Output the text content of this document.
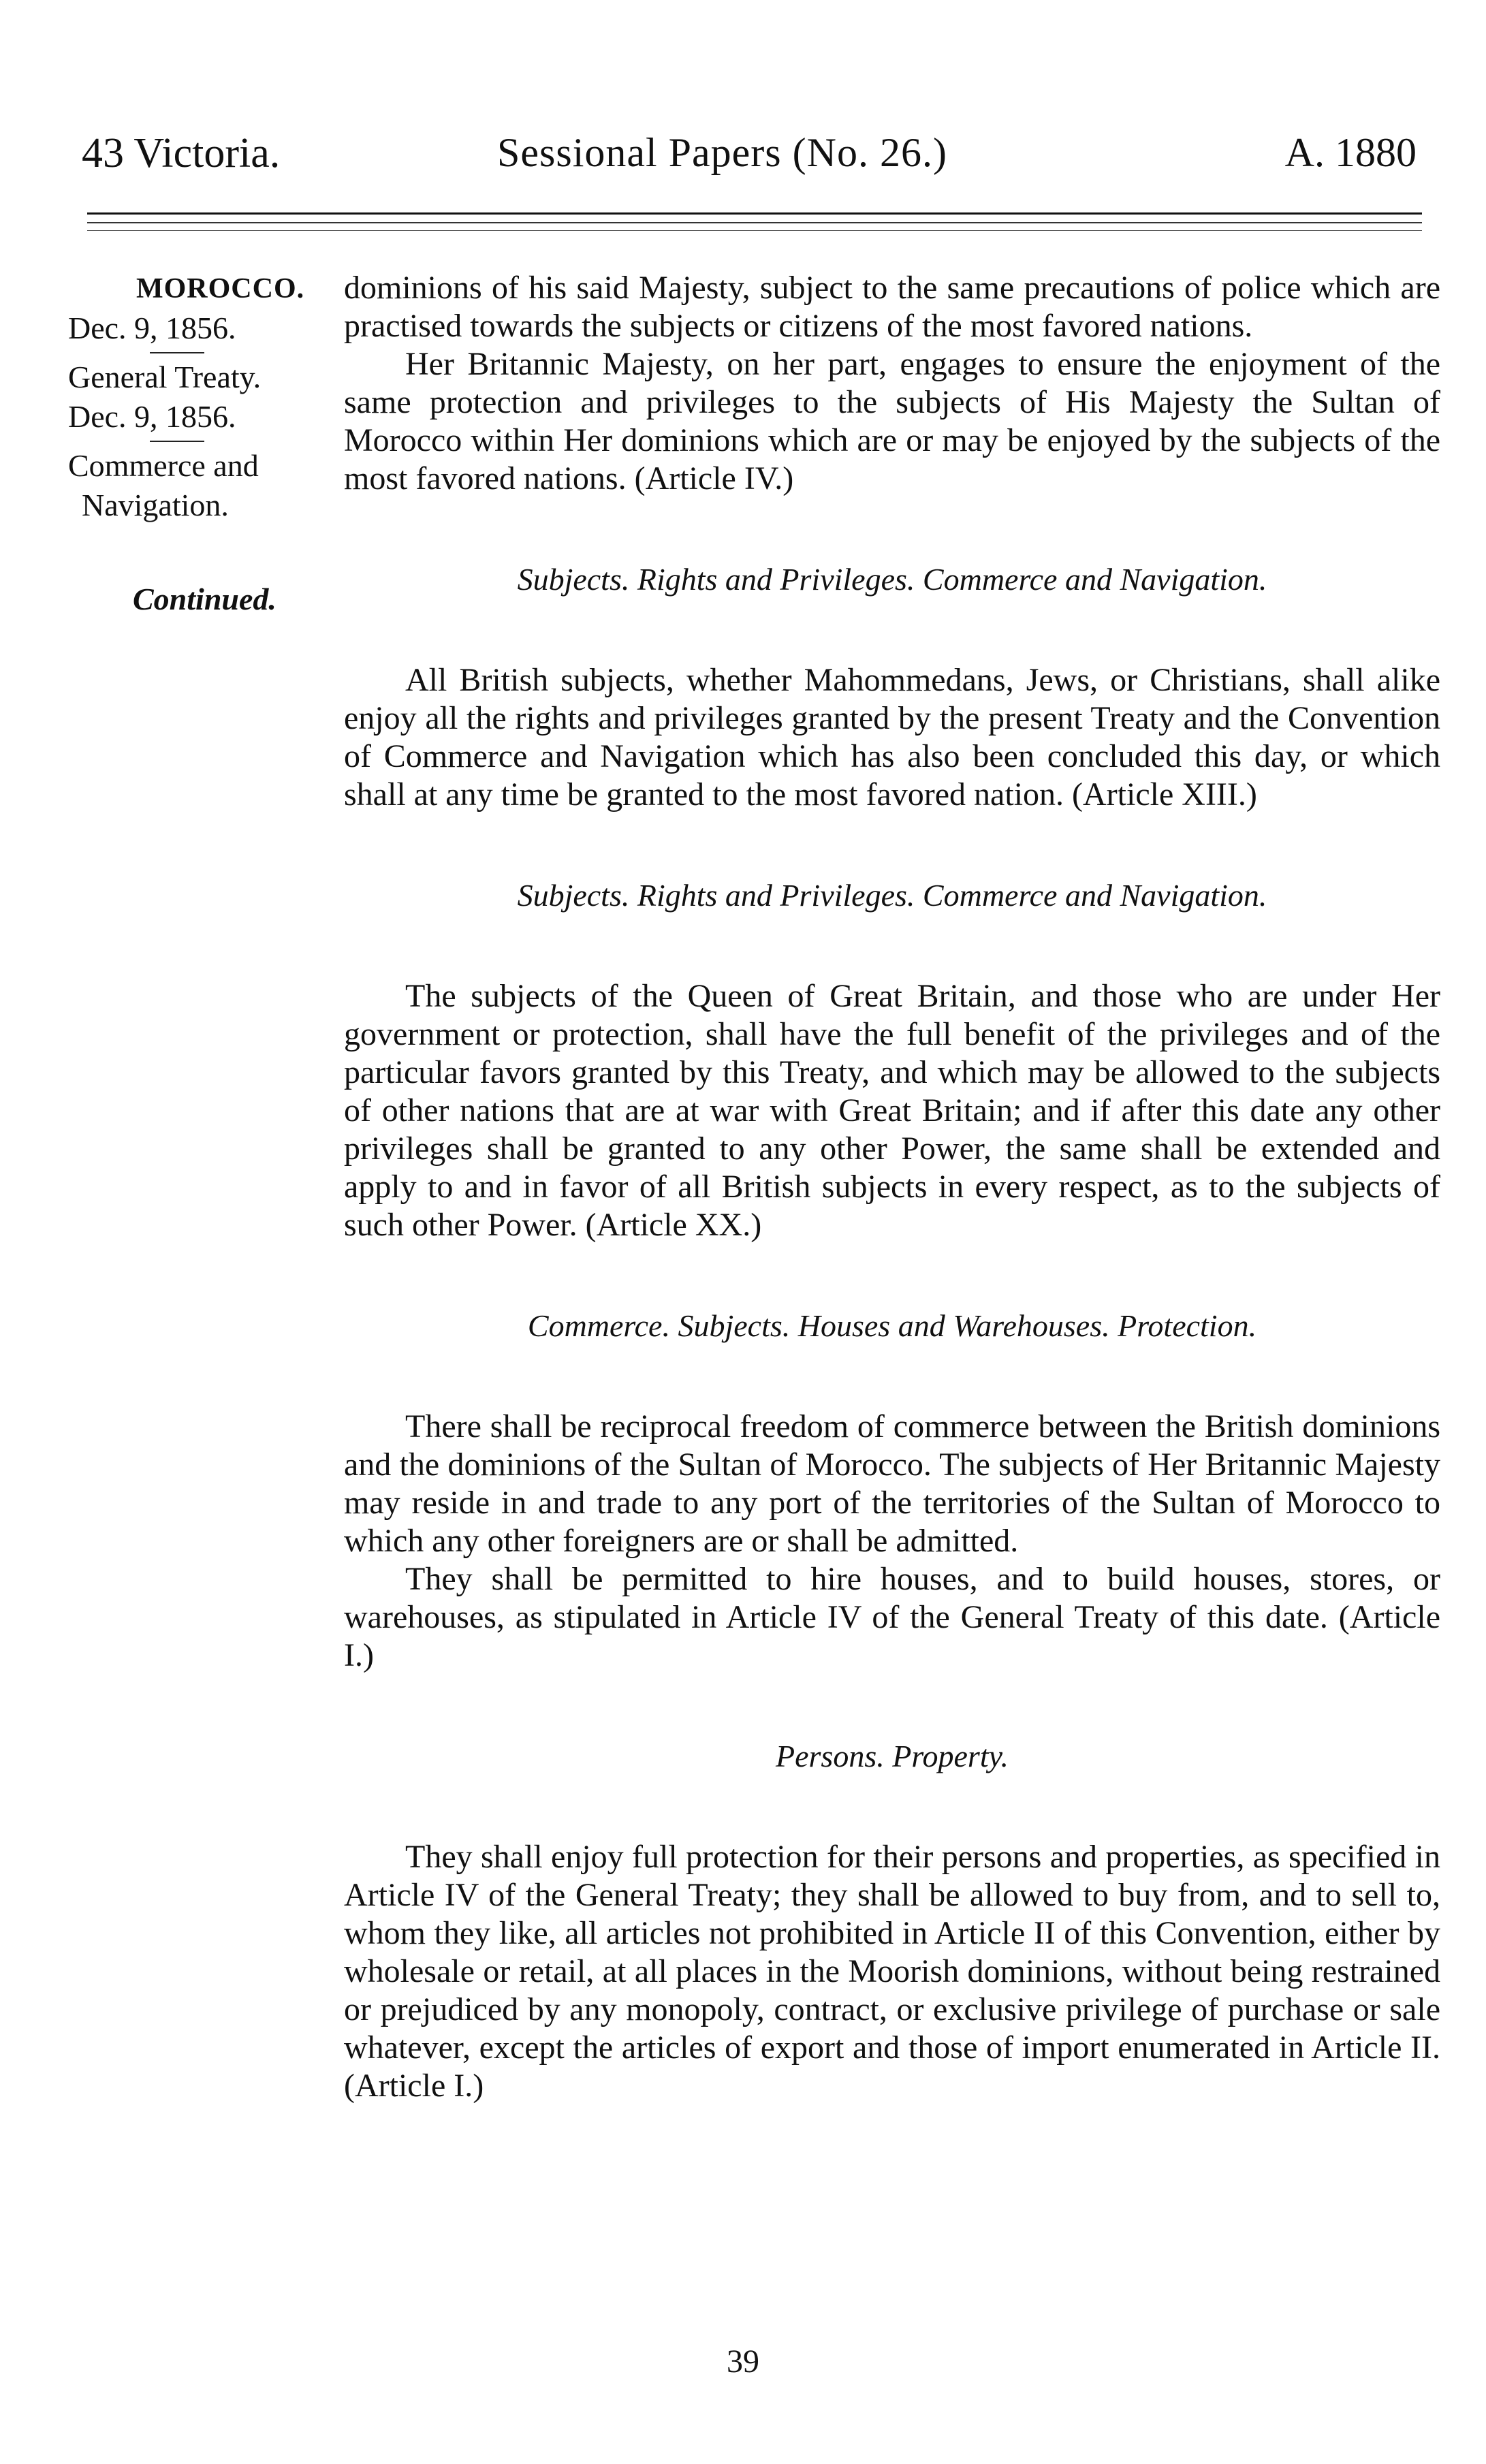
43 Victoria.	Sessional Papers (No. 26.)	A. 1880
MOROCCO.
Dec. 9, 1856.
General Treaty.
Dec. 9, 1856.
Commerce and
Navigation.
Continued.

dominions of his said Majesty, subject to the same precautions of police which are practised towards the subjects or citizens of the most favored nations.

Her Britannic Majesty, on her part, engages to ensure the enjoyment of the same protection and privileges to the subjects of His Majesty the Sultan of Morocco within Her dominions which are or may be enjoyed by the subjects of the most favored nations. (Article IV.)

Subjects. Rights and Privileges. Commerce and Navigation.

All British subjects, whether Mahommedans, Jews, or Christians, shall alike enjoy all the rights and privileges granted by the present Treaty and the Convention of Commerce and Navigation which has also been concluded this day, or which shall at any time be granted to the most favored nation. (Article XIII.)

Subjects. Rights and Privileges. Commerce and Navigation.

The subjects of the Queen of Great Britain, and those who are under Her government or protection, shall have the full benefit of the privileges and of the particular favors granted by this Treaty, and which may be allowed to the subjects of other nations that are at war with Great Britain; and if after this date any other privileges shall be granted to any other Power, the same shall be extended and apply to and in favor of all British subjects in every respect, as to the subjects of such other Power. (Article XX.)

Commerce. Subjects. Houses and Warehouses. Protection.

There shall be reciprocal freedom of commerce between the British dominions and the dominions of the Sultan of Morocco. The subjects of Her Britannic Majesty may reside in and trade to any port of the territories of the Sultan of Morocco to which any other foreigners are or shall be admitted.

They shall be permitted to hire houses, and to build houses, stores, or warehouses, as stipulated in Article IV of the General Treaty of this date. (Article I.)

Persons. Property.

They shall enjoy full protection for their persons and properties, as specified in Article IV of the General Treaty; they shall be allowed to buy from, and to sell to, whom they like, all articles not prohibited in Article II of this Convention, either by wholesale or retail, at all places in the Moorish dominions, without being restrained or prejudiced by any monopoly, contract, or exclusive privilege of purchase or sale whatever, except the articles of export and those of import enumerated in Article II. (Article I.)

39
